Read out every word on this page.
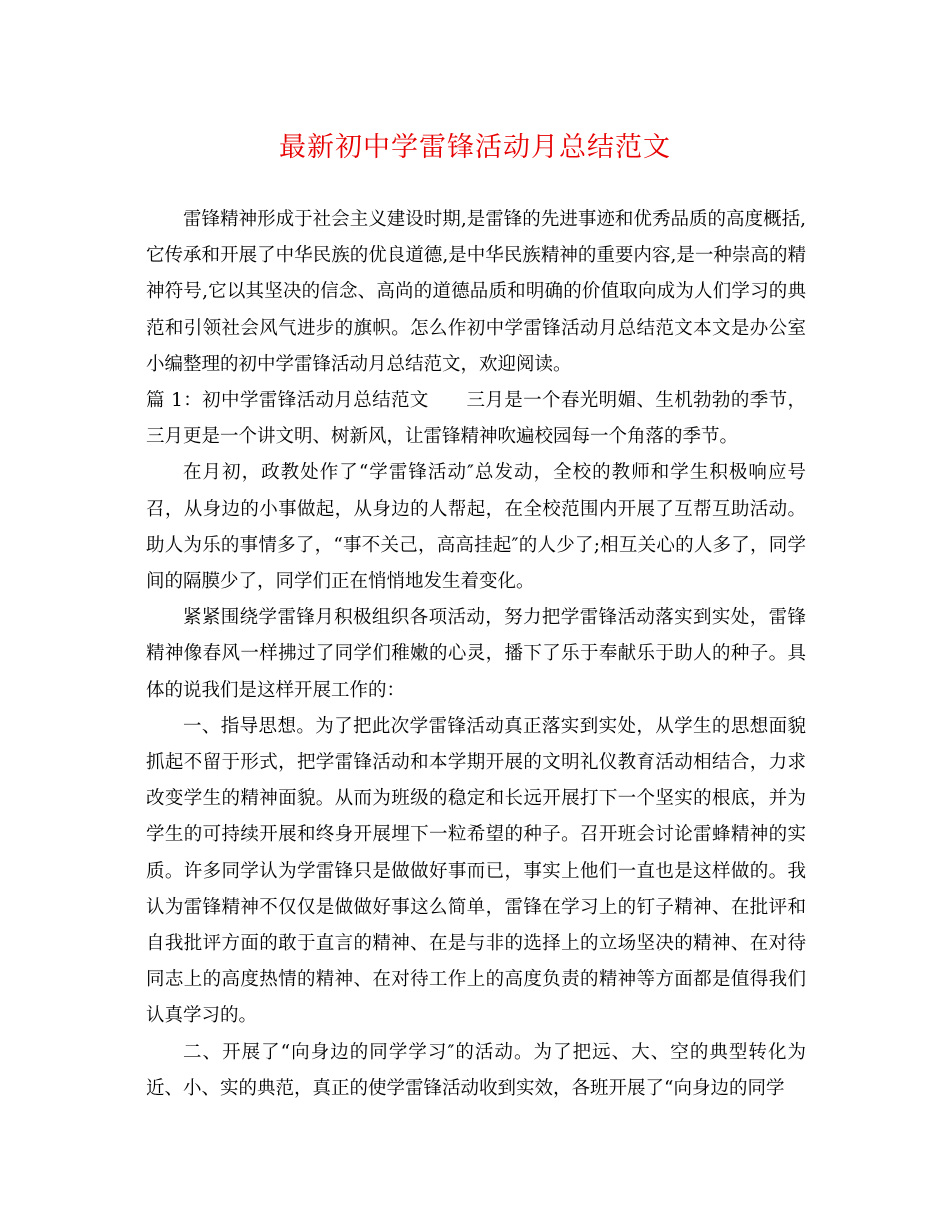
最新初中学雷锋活动月总结范文

雷锋精神形成于社会主义建设时期,是雷锋的先进事迹和优秀品质的高度概括,它传承和开展了中华民族的优良道德,是中华民族精神的重要内容,是一种崇高的精神符号,它以其坚决的信念、高尚的道德品质和明确的价值取向成为人们学习的典范和引领社会风气进步的旗帜。怎么作初中学雷锋活动月总结范文本文是办公室小编整理的初中学雷锋活动月总结范文，欢迎阅读。

篇 1：初中学雷锋活动月总结范文　　三月是一个春光明媚、生机勃勃的季节，三月更是一个讲文明、树新风，让雷锋精神吹遍校园每一个角落的季节。

在月初，政教处作了“学雷锋活动″总发动，全校的教师和学生积极响应号召，从身边的小事做起，从身边的人帮起，在全校范围内开展了互帮互助活动。助人为乐的事情多了，“事不关己，高高挂起″的人少了;相互关心的人多了，同学间的隔膜少了，同学们正在悄悄地发生着变化。

紧紧围绕学雷锋月积极组织各项活动，努力把学雷锋活动落实到实处，雷锋精神像春风一样拂过了同学们稚嫩的心灵，播下了乐于奉献乐于助人的种子。具体的说我们是这样开展工作的：

一、指导思想。为了把此次学雷锋活动真正落实到实处，从学生的思想面貌抓起不留于形式，把学雷锋活动和本学期开展的文明礼仪教育活动相结合，力求改变学生的精神面貌。从而为班级的稳定和长远开展打下一个坚实的根底，并为学生的可持续开展和终身开展埋下一粒希望的种子。召开班会讨论雷蜂精神的实质。许多同学认为学雷锋只是做做好事而已，事实上他们一直也是这样做的。我认为雷锋精神不仅仅是做做好事这么简单，雷锋在学习上的钉子精神、在批评和自我批评方面的敢于直言的精神、在是与非的选择上的立场坚决的精神、在对待同志上的高度热情的精神、在对待工作上的高度负责的精神等方面都是值得我们认真学习的。

二、开展了“向身边的同学学习″的活动。为了把远、大、空的典型转化为近、小、实的典范，真正的使学雷锋活动收到实效，各班开展了“向身边的同学
